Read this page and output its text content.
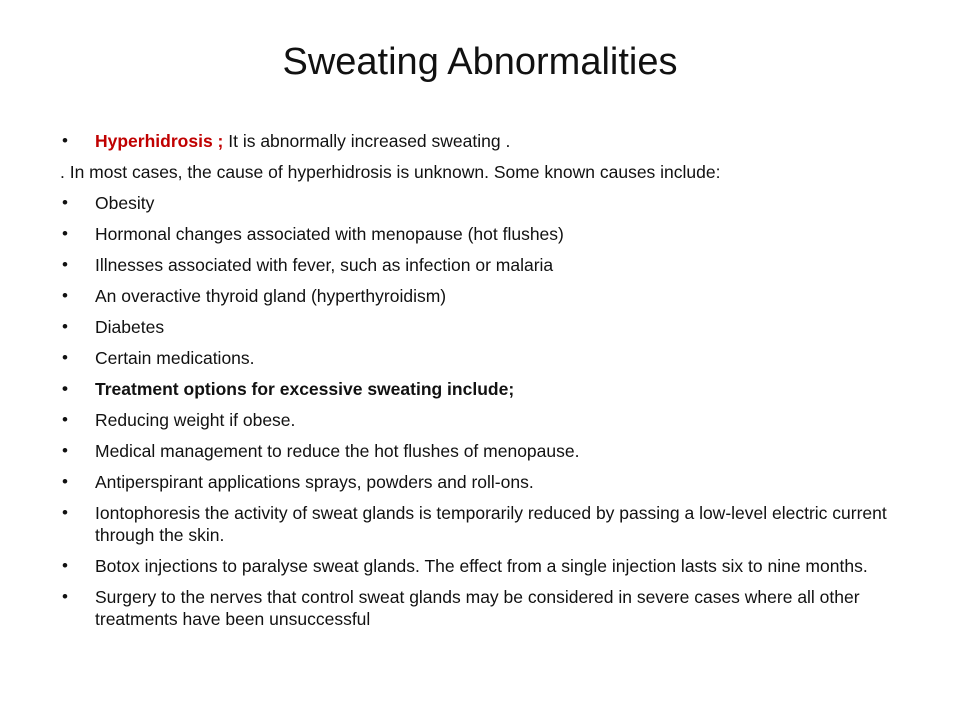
Sweating Abnormalities
• Hyperhidrosis ; It is abnormally increased sweating .
. In most cases, the cause of hyperhidrosis is unknown. Some known causes include:
• Obesity
• Hormonal changes associated with menopause (hot flushes)
• Illnesses associated with fever, such as infection or malaria
• An overactive thyroid gland (hyperthyroidism)
• Diabetes
• Certain medications.
• Treatment options for excessive sweating include;
• Reducing weight if obese.
• Medical management to reduce the hot flushes of menopause.
• Antiperspirant applications sprays, powders and roll-ons.
• Iontophoresis the activity of sweat glands is temporarily reduced by passing a low-level electric current through the skin.
• Botox injections to paralyse sweat glands. The effect from a single injection lasts six to nine months.
• Surgery to the nerves that control sweat glands may be considered in severe cases where all other treatments have been unsuccessful
